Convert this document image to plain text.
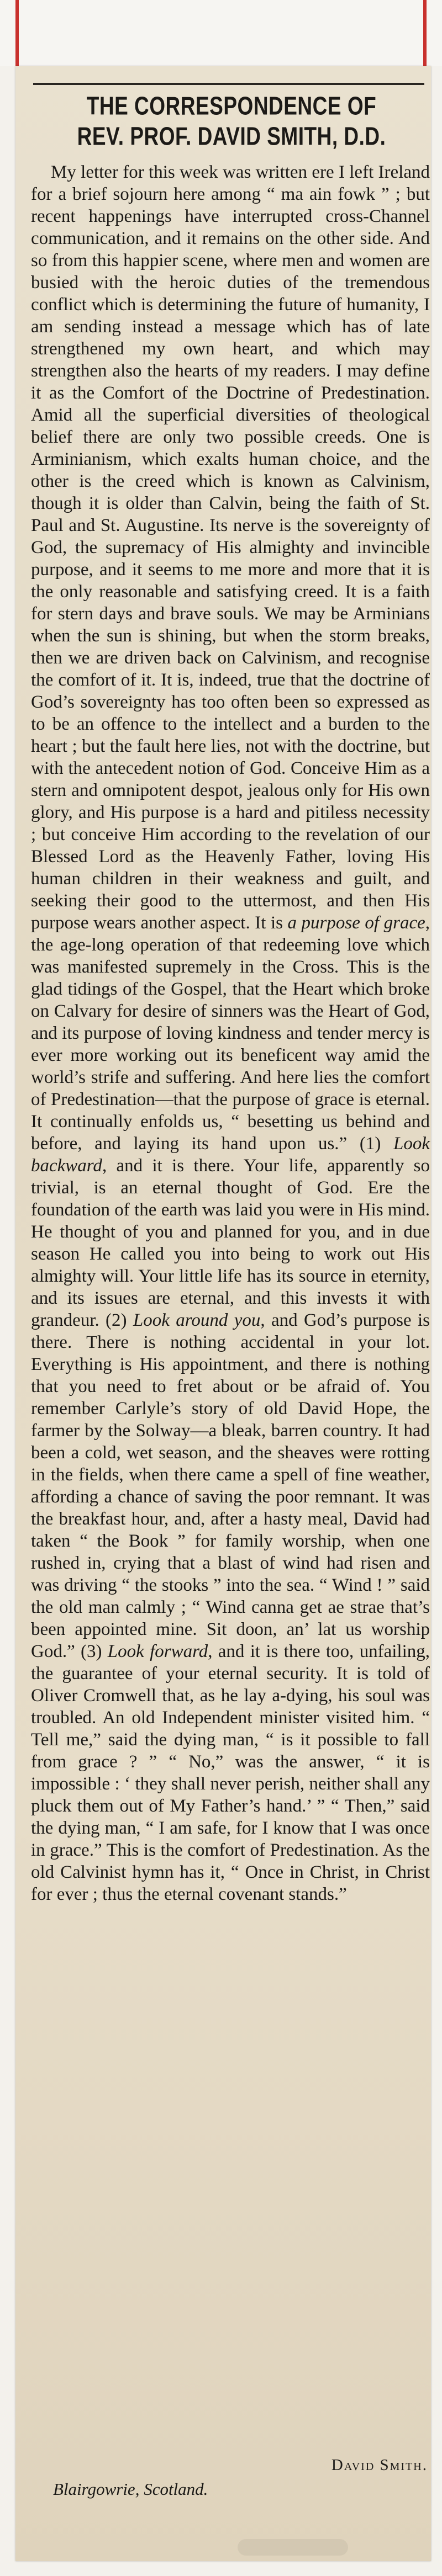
THE CORRESPONDENCE OF
REV. PROF. DAVID SMITH, D.D.
My letter for this week was written ere I left Ireland for a brief sojourn here among “ ma ain fowk ” ; but recent happenings have interrupted cross-Channel communication, and it remains on the other side. And so from this happier scene, where men and women are busied with the heroic duties of the tremendous conflict which is determining the future of humanity, I am sending instead a message which has of late strengthened my own heart, and which may strengthen also the hearts of my readers. I may define it as the Comfort of the Doctrine of Predestination. Amid all the superficial diversities of theological belief there are only two possible creeds. One is Arminianism, which exalts human choice, and the other is the creed which is known as Calvinism, though it is older than Calvin, being the faith of St. Paul and St. Augustine. Its nerve is the sovereignty of God, the supremacy of His almighty and invincible purpose, and it seems to me more and more that it is the only reasonable and satisfying creed. It is a faith for stern days and brave souls. We may be Arminians when the sun is shining, but when the storm breaks, then we are driven back on Calvinism, and recognise the comfort of it. It is, indeed, true that the doctrine of God’s sovereignty has too often been so expressed as to be an offence to the intellect and a burden to the heart ; but the fault here lies, not with the doctrine, but with the antecedent notion of God. Conceive Him as a stern and omnipotent despot, jealous only for His own glory, and His purpose is a hard and pitiless necessity ; but conceive Him according to the revelation of our Blessed Lord as the Heavenly Father, loving His human children in their weakness and guilt, and seeking their good to the uttermost, and then His purpose wears another aspect. It is a purpose of grace, the age-long operation of that redeeming love which was manifested supremely in the Cross. This is the glad tidings of the Gospel, that the Heart which broke on Calvary for desire of sinners was the Heart of God, and its purpose of loving kindness and tender mercy is ever more working out its beneficent way amid the world’s strife and suffering. And here lies the comfort of Predestination—that the purpose of grace is eternal. It continually enfolds us, “ besetting us behind and before, and laying its hand upon us.” (1) Look backward, and it is there. Your life, apparently so trivial, is an eternal thought of God. Ere the foundation of the earth was laid you were in His mind. He thought of you and planned for you, and in due season He called you into being to work out His almighty will. Your little life has its source in eternity, and its issues are eternal, and this invests it with grandeur. (2) Look around you, and God’s purpose is there. There is nothing accidental in your lot. Everything is His appointment, and there is nothing that you need to fret about or be afraid of. You remember Carlyle’s story of old David Hope, the farmer by the Solway—a bleak, barren country. It had been a cold, wet season, and the sheaves were rotting in the fields, when there came a spell of fine weather, affording a chance of saving the poor remnant. It was the breakfast hour, and, after a hasty meal, David had taken “ the Book ” for family worship, when one rushed in, crying that a blast of wind had risen and was driving “ the stooks ” into the sea. “ Wind ! ” said the old man calmly ; “ Wind canna get ae strae that’s been appointed mine. Sit doon, an’ lat us worship God.” (3) Look forward, and it is there too, unfailing, the guarantee of your eternal security. It is told of Oliver Cromwell that, as he lay a-dying, his soul was troubled. An old Independent minister visited him. “ Tell me,” said the dying man, “ is it possible to fall from grace ? ” “ No,” was the answer, “ it is impossible : ‘ they shall never perish, neither shall any pluck them out of My Father’s hand.’ ” “ Then,” said the dying man, “ I am safe, for I know that I was once in grace.” This is the comfort of Predestination. As the old Calvinist hymn has it, “ Once in Christ, in Christ for ever ; thus the eternal covenant stands.”
David Smith.
Blairgowrie, Scotland.
